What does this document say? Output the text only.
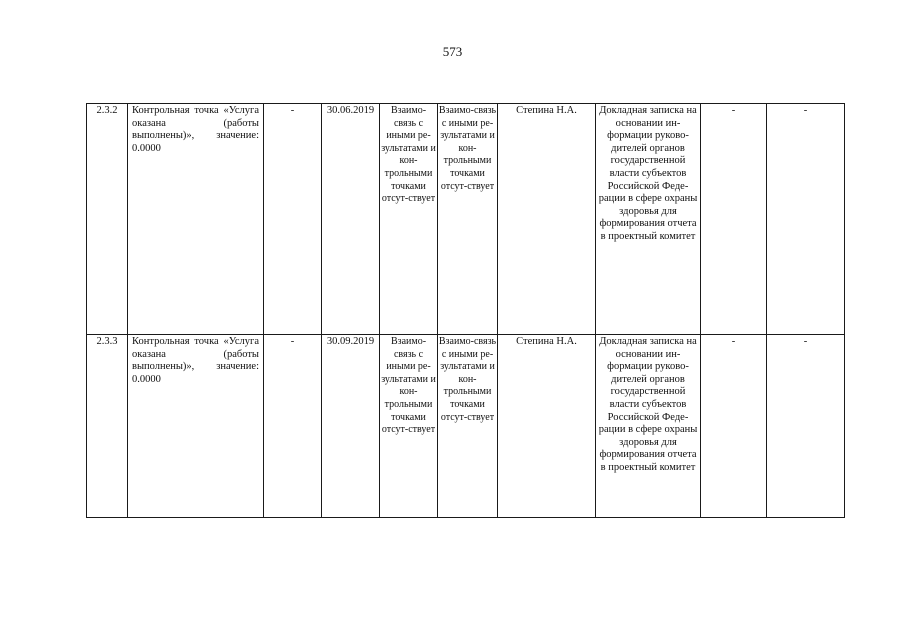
573
2.3.2	Контрольная точка «Услуга оказана (работы выполнены)», значение: 0.0000	-	30.06.2019	Взаимо-связь с иными ре-зультатами и кон-трольными точками отсут-ствует	Взаимо-связь с иными ре-зультатами и кон-трольными точками отсут-ствует	Степина Н.А.	Докладная записка на основании ин-формации руково-дителей органов государственной власти субъектов Российской Феде-рации в сфере охраны здоровья для формирования отчета в проектный комитет	-	-
2.3.3	Контрольная точка «Услуга оказана (работы выполнены)», значение: 0.0000	-	30.09.2019	Взаимо-связь с иными ре-зультатами и кон-трольными точками отсут-ствует	Взаимо-связь с иными ре-зультатами и кон-трольными точками отсут-ствует	Степина Н.А.	Докладная записка на основании ин-формации руково-дителей органов государственной власти субъектов Российской Феде-рации в сфере охраны здоровья для формирования отчета в проектный комитет	-	-
